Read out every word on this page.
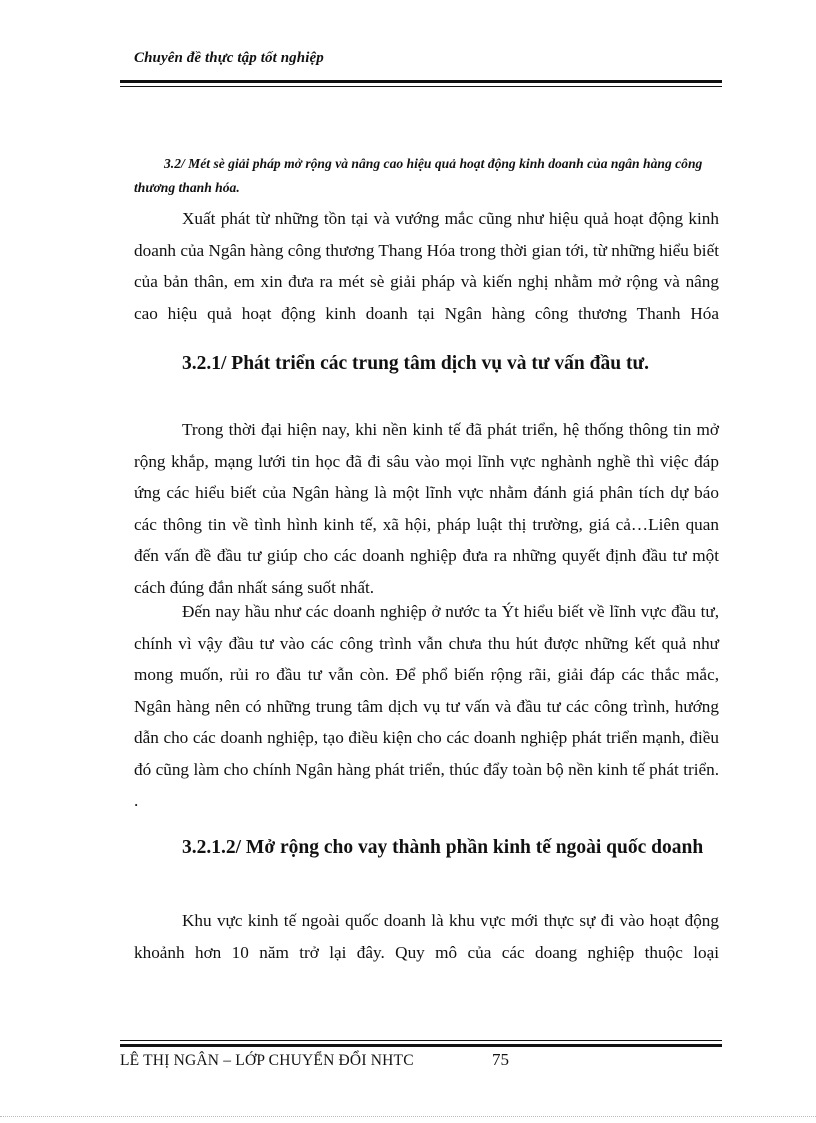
Chuyên đề thực tập tốt nghiệp

3.2/ Mét sè giải pháp mở rộng và nâng cao hiệu quả hoạt động kinh doanh của ngân hàng công thương thanh hóa.

Xuất phát từ những tồn tại và vướng mắc cũng như hiệu quả hoạt động kinh doanh của Ngân hàng công thương Thang Hóa trong thời gian tới, từ những hiểu biết của bản thân, em xin đưa ra mét sè giải pháp và kiến nghị nhằm mở rộng và nâng cao hiệu quả hoạt động kinh doanh tại Ngân hàng công thương Thanh Hóa

3.2.1/ Phát triển các trung tâm dịch vụ và tư vấn đầu tư.

Trong thời đại hiện nay, khi nền kinh tế đã phát triển, hệ thống thông tin mở rộng khắp, mạng lưới tin học đã đi sâu vào mọi lĩnh vực nghành nghề thì việc đáp ứng các hiểu biết của Ngân hàng là một lĩnh vực nhằm đánh giá phân tích dự báo các thông tin về tình hình kinh tế, xã hội, pháp luật thị trường, giá cả…Liên quan đến vấn đề đầu tư giúp cho các doanh nghiệp đưa ra những quyết định đầu tư một cách đúng đắn nhất sáng suốt nhất.

Đến nay hầu như các doanh nghiệp ở nước ta Ýt hiểu biết về lĩnh vực đầu tư, chính vì vậy đầu tư vào các công trình vẫn chưa thu hút được những kết quả như mong muốn, rủi ro đầu tư vẫn còn. Để phổ biến rộng rãi, giải đáp các thắc mắc, Ngân hàng nên có những trung tâm dịch vụ tư vấn và đầu tư các công trình, hướng dẫn cho các doanh nghiệp, tạo điều kiện cho các doanh nghiệp phát triển mạnh, điều đó cũng làm cho chính Ngân hàng phát triển, thúc đẩy toàn bộ nền kinh tế phát triển. .

3.2.1.2/ Mở rộng cho vay thành phần kinh tế ngoài quốc doanh

Khu vực kinh tế ngoài quốc doanh là khu vực mới thực sự đi vào hoạt động khoảnh hơn 10 năm trở lại đây. Quy mô của các doang nghiệp thuộc loại

LÊ THỊ NGÂN – LỚP CHUYỂN ĐỔI NHTC	75
